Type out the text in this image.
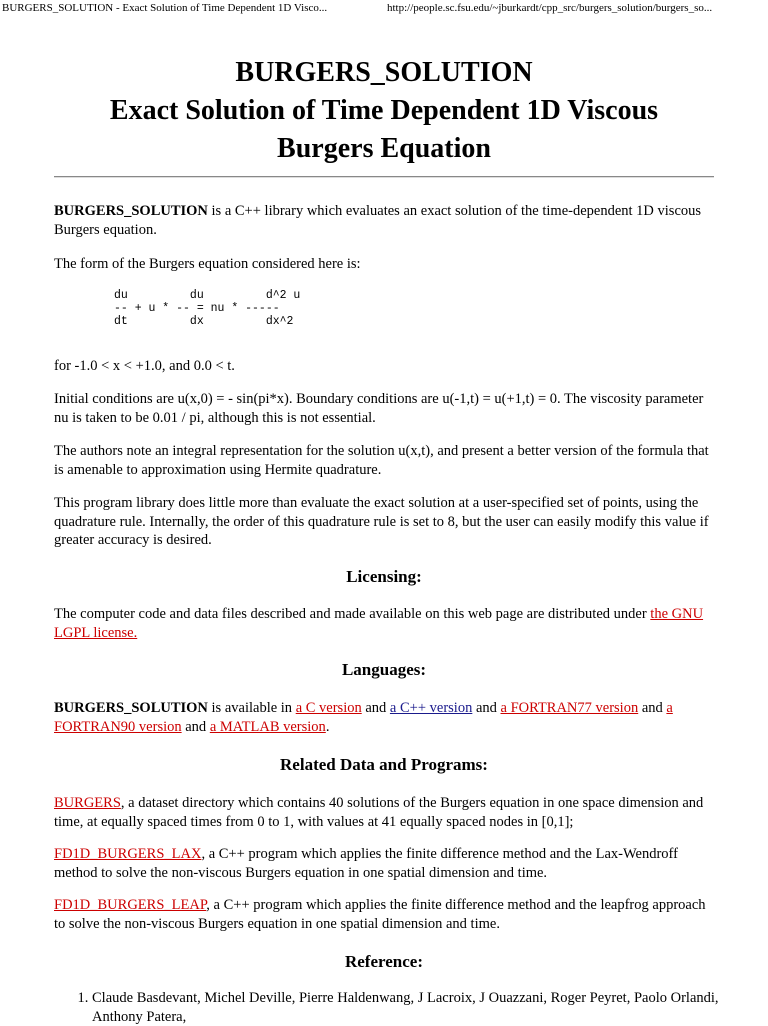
BURGERS_SOLUTION - Exact Solution of Time Dependent 1D Visco...	http://people.sc.fsu.edu/~jburkardt/cpp_src/burgers_solution/burgers_so...
BURGERS_SOLUTION
Exact Solution of Time Dependent 1D Viscous
Burgers Equation

BURGERS_SOLUTION is a C++ library which evaluates an exact solution of the time-dependent 1D viscous Burgers equation.

The form of the Burgers equation considered here is:

du         du         d^2 u
-- + u * -- = nu * -----
dt         dx         dx^2

for -1.0 < x < +1.0, and 0.0 < t.

Initial conditions are u(x,0) = - sin(pi*x). Boundary conditions are u(-1,t) = u(+1,t) = 0. The viscosity parameter nu is taken to be 0.01 / pi, although this is not essential.

The authors note an integral representation for the solution u(x,t), and present a better version of the formula that is amenable to approximation using Hermite quadrature.

This program library does little more than evaluate the exact solution at a user-specified set of points, using the quadrature rule. Internally, the order of this quadrature rule is set to 8, but the user can easily modify this value if greater accuracy is desired.

Licensing:

The computer code and data files described and made available on this web page are distributed under the GNU LGPL license.

Languages:

BURGERS_SOLUTION is available in a C version and a C++ version and a FORTRAN77 version and a FORTRAN90 version and a MATLAB version.

Related Data and Programs:

BURGERS, a dataset directory which contains 40 solutions of the Burgers equation in one space dimension and time, at equally spaced times from 0 to 1, with values at 41 equally spaced nodes in [0,1];

FD1D_BURGERS_LAX, a C++ program which applies the finite difference method and the Lax-Wendroff method to solve the non-viscous Burgers equation in one spatial dimension and time.

FD1D_BURGERS_LEAP, a C++ program which applies the finite difference method and the leapfrog approach to solve the non-viscous Burgers equation in one spatial dimension and time.

Reference:
1. Claude Basdevant, Michel Deville, Pierre Haldenwang, J Lacroix, J Ouazzani, Roger Peyret, Paolo Orlandi, Anthony Patera,
